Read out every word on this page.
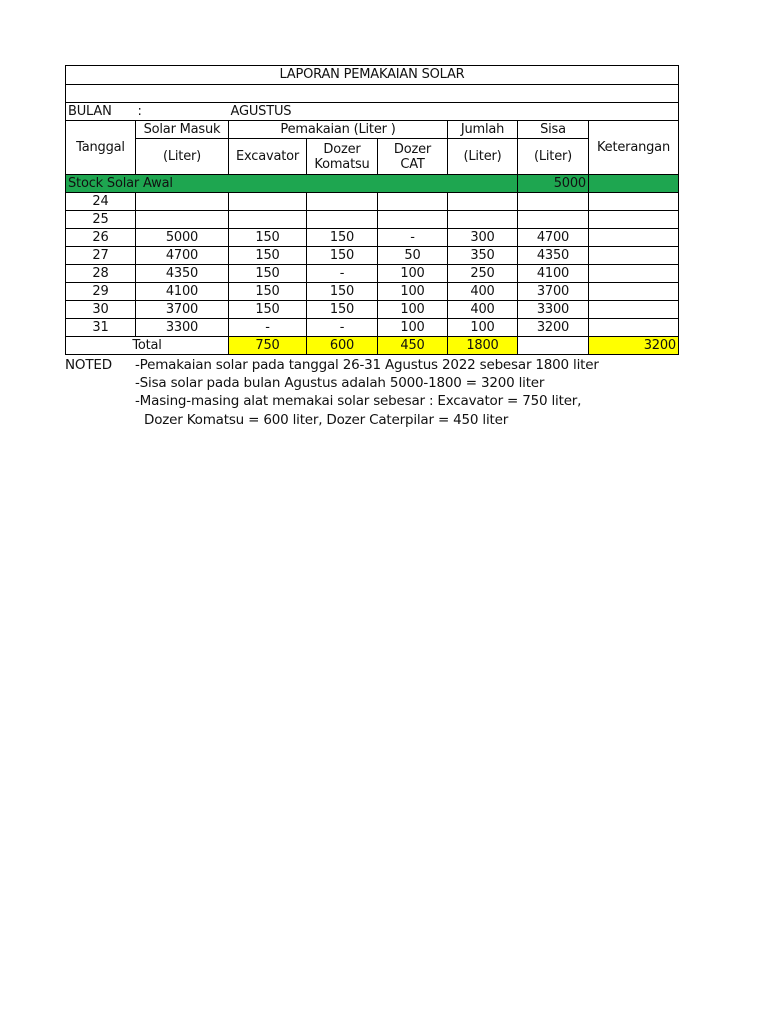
LAPORAN PEMAKAIAN SOLAR							

BULAN	:	AGUSTUS					
Tanggal	Solar Masuk	Pemakaian (Liter )			Jumlah	Sisa	Keterangan
	(Liter)	Excavator	Dozer Komatsu	Dozer CAT	(Liter)	(Liter)	
Stock Solar Awal						5000	
24							
25							
26	5000	150	150	-	300	4700	
27	4700	150	150	50	350	4350	
28	4350	150	-	100	250	4100	
29	4100	150	150	100	400	3700	
30	3700	150	150	100	400	3300	
31	3300	-	-	100	100	3200	
Total		750	600	450	1800		3200
NOTED -Pemakaian solar pada tanggal 26-31 Agustus 2022 sebesar 1800 liter
-Sisa solar pada bulan Agustus adalah 5000-1800 = 3200 liter
-Masing-masing alat memakai solar sebesar : Excavator = 750 liter,
Dozer Komatsu = 600 liter, Dozer Caterpilar = 450 liter
